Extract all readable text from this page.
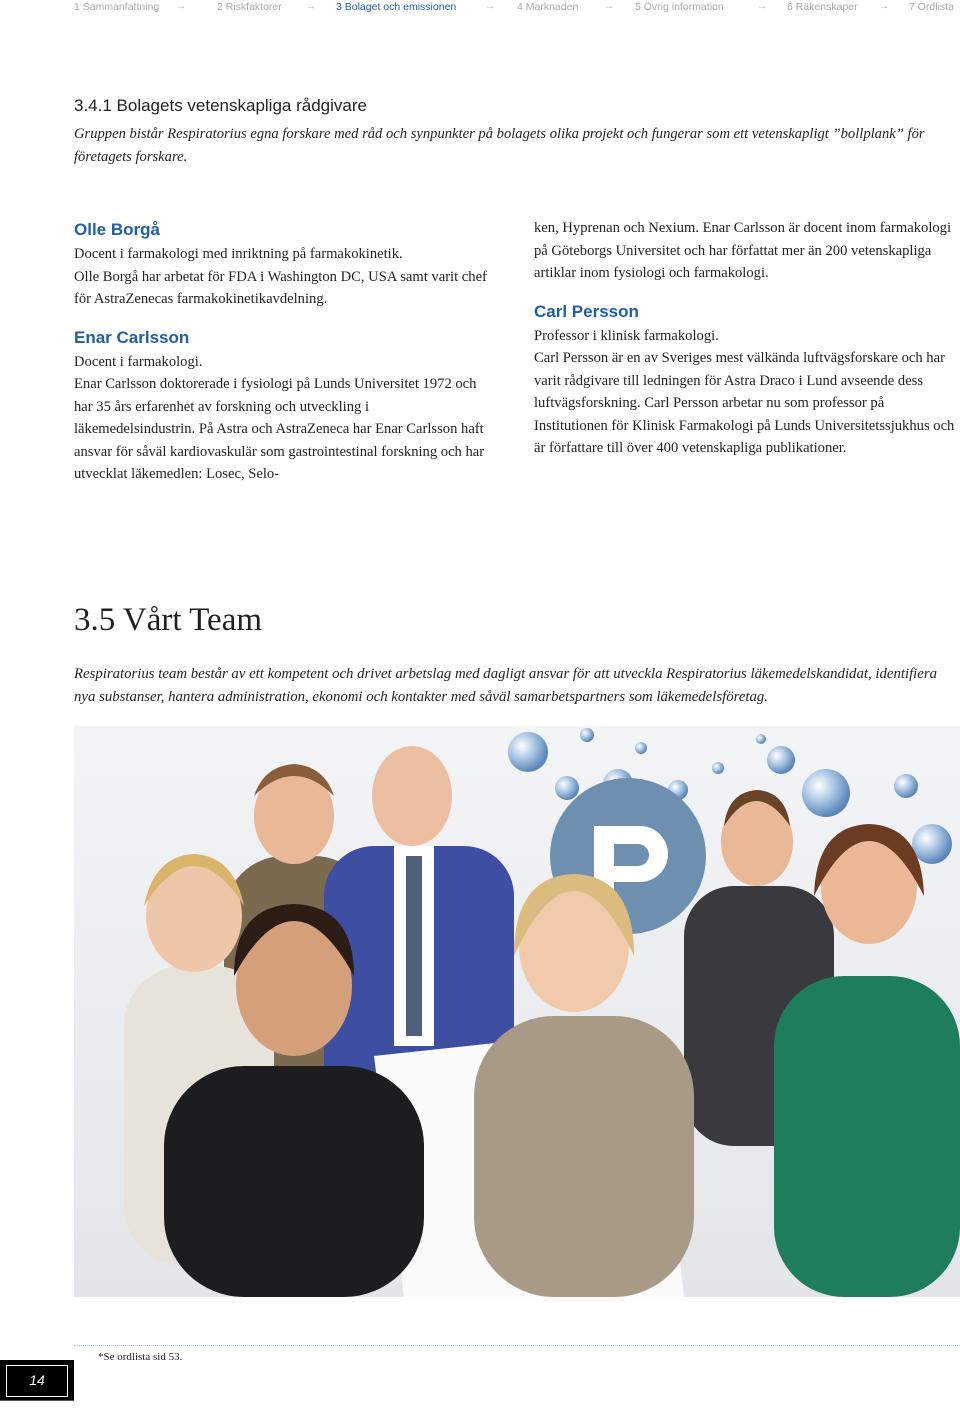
1 Sammanfattning →	2 Riskfaktorer → 3 Bolaget och emissionen	→ 4 Marknaden	→ 5 Övrig information	→ 6 Räkenskaper → 7 Ordlista
3.4.1 Bolagets vetenskapliga rådgivare

Gruppen bistår Respiratorius egna forskare med råd och synpunkter på bolagets olika projekt och fungerar som ett vetenskapligt ”bollplank” för företagets forskare.

Olle Borgå

Docent i farmakologi med inriktning på farmakokinetik.

Olle Borgå har arbetat för FDA i Washington DC, USA samt varit chef för AstraZenecas farmakokinetikavdelning.

Enar Carlsson

Docent i farmakologi.

Enar Carlsson doktorerade i fysiologi på Lunds Universitet 1972 och har 35 års erfarenhet av forskning och utveckling i läkemedelsindustrin. På Astra och AstraZeneca har Enar Carlsson haft ansvar för såväl kardiovaskulär som gastrointestinal forskning och har utvecklat läkemedlen: Losec, Selo-

ken, Hyprenan och Nexium. Enar Carlsson är docent inom farmakologi på Göteborgs Universitet och har författat mer än 200 vetenskapliga artiklar inom fysiologi och farmakologi.

Carl Persson

Professor i klinisk farmakologi.

Carl Persson är en av Sveriges mest välkända luftvägsforskare och har varit rådgivare till ledningen för Astra Draco i Lund avseende dess luftvägsforskning. Carl Persson arbetar nu som professor på Institutionen för Klinisk Farmakologi på Lunds Universitetssjukhus och är författare till över 400 vetenskapliga publikationer.

3.5 Vårt Team

Respiratorius team består av ett kompetent och drivet arbetslag med dagligt ansvar för att utveckla Respiratorius läkemedelskandidat, identifiera nya substanser, hantera administration, ekonomi och kontakter med såväl samarbetspartners som läkemedelsföretag.

*Se ordlista sid 53.

14
